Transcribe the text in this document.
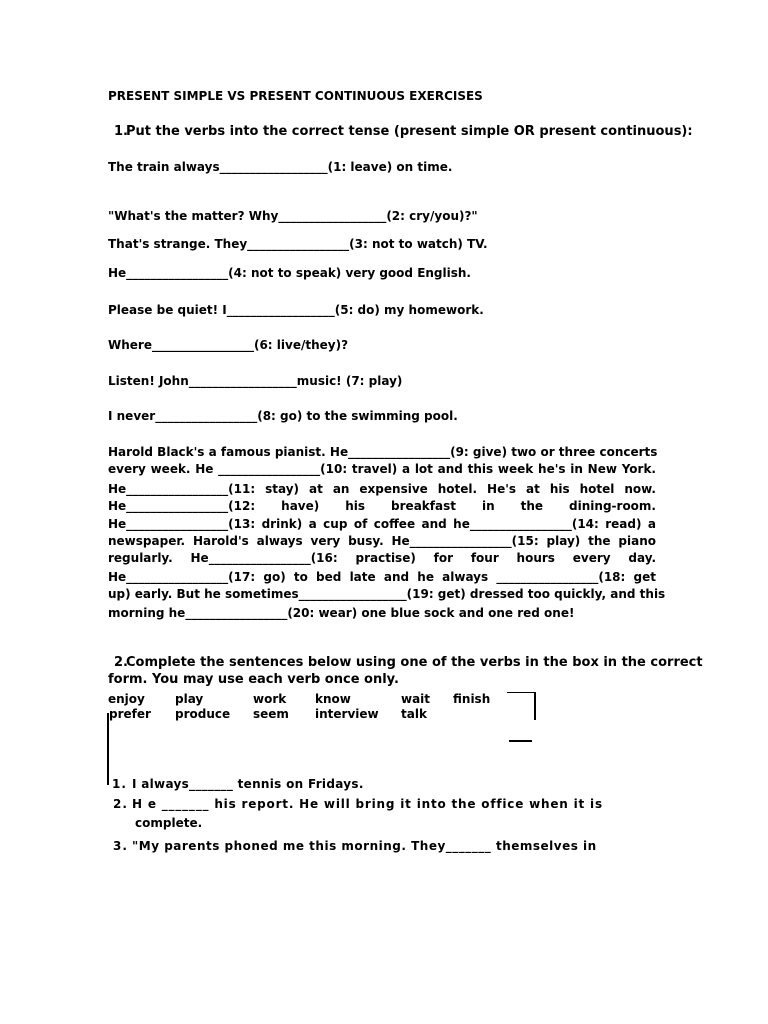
PRESENT SIMPLE VS PRESENT CONTINUOUS EXERCISES
1.
Put the verbs into the correct tense (present simple OR present continuous):
The train always__________________(1: leave) on time.
"What's the matter? Why__________________(2: cry/you)?"
That's strange. They_________________(3: not to watch) TV.
He_________________(4: not to speak) very good English.
Please be quiet! I__________________(5: do) my homework.
Where_________________(6: live/they)?
Listen! John__________________music! (7: play)
I never_________________(8: go) to the swimming pool.
Harold Black's a famous pianist. He_________________(9: give) two or three concerts
every week. He _________________(10: travel) a lot and this week he's in New York.
He_________________(11: stay) at an expensive hotel. He's at his hotel now.
He_________________(12: have) his breakfast in the dining-room.
He_________________(13: drink) a cup of coffee and he_________________(14: read) a
newspaper. Harold's always very busy. He_________________(15: play) the piano
regularly. He_________________(16: practise) for four hours every day.
He_________________(17: go) to bed late and he always _________________(18: get
up) early. But he sometimes__________________(19: get) dressed too quickly, and this
morning he_________________(20: wear) one blue sock and one red one!
2.
Complete the sentences below using one of the verbs in the box in the correct
form. You may use each verb once only.
enjoy	play	work know	wait finish
prefer produce seem interview talk
1. I always_______ tennis on Fridays.
2. H e _______ his report. He will bring it into the office when it is
complete.
3. "My parents phoned me this morning. They_______ themselves in
